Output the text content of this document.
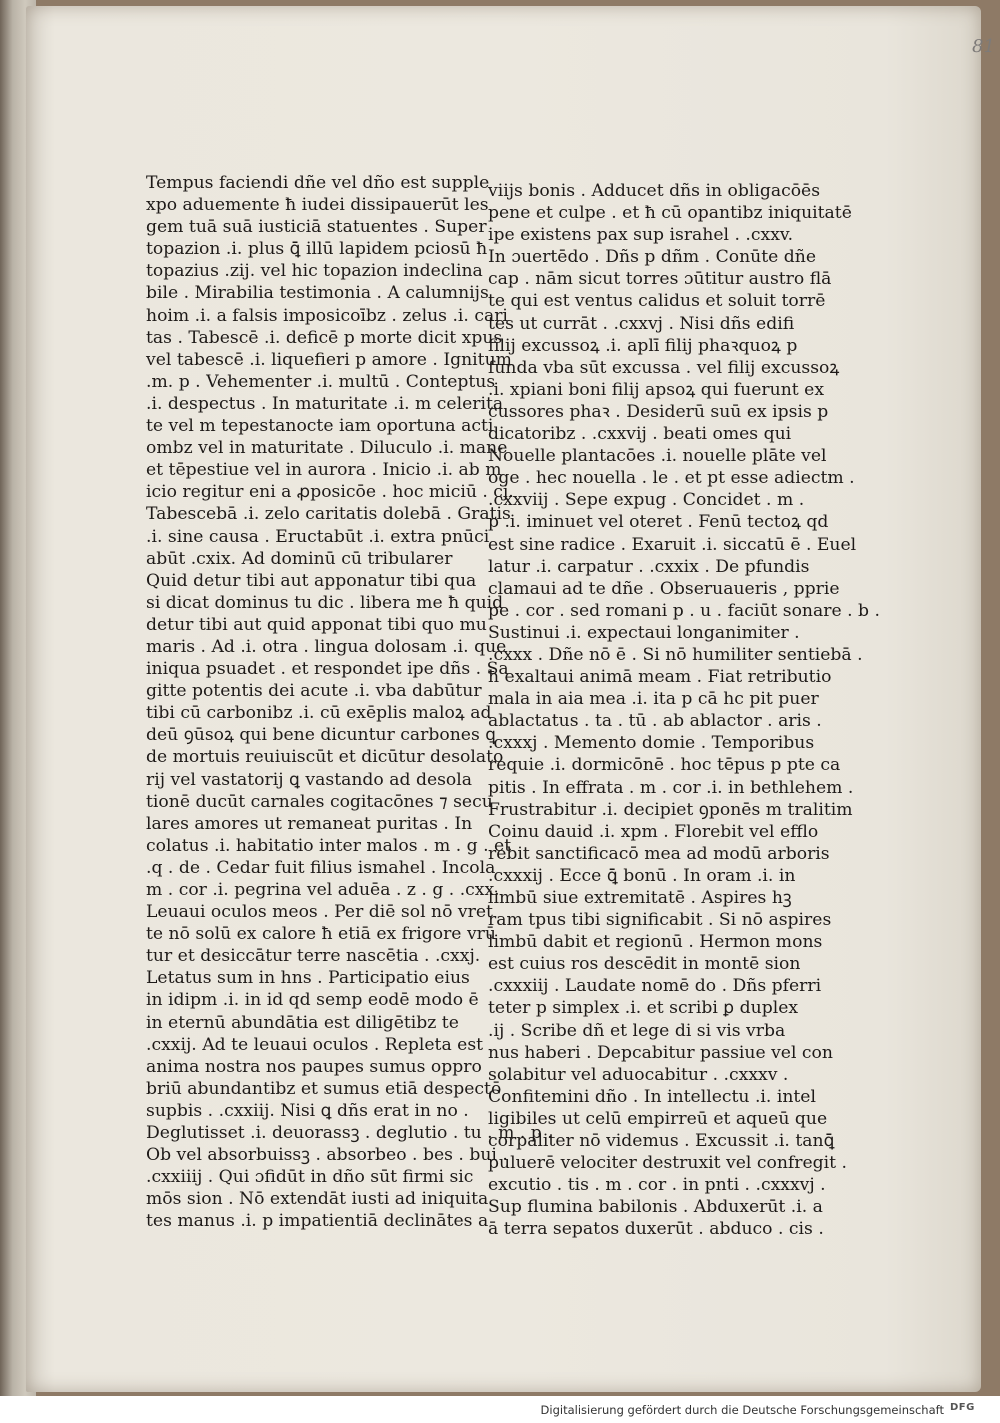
81
Tempus faciendi dñe vel dño est supple
xpo aduemente ħ iudei dissipauerūt les
gem tuā suā iusticiā statuentes . Super
topazion .i. plus ꝗ̄ illū lapidem pciosū ħ
topazius .zij. vel hic topazion indeclina
bile . Mirabilia testimonia . A calumnijs
hoim .i. a falsis imposicoībz . zelus .i. cari
tas . Tabescē .i. deficē p morte dicit xpus
vel tabescē .i. liquefieri p amore . Ignitum
.m. p . Vehementer .i. multū . Conteptus
.i. despectus . In maturitate .i. m celerita
te vel m tepestanocte iam oportuna acti
ombz vel in maturitate . Diluculo .i. mane
et tēpestiue vel in aurora . Inicio .i. ab m
icio regitur eni a ꝓposicōe . hoc miciū . cj.
Tabescebā .i. zelo caritatis dolebā . Gratis
.i. sine causa . Eructabūt .i. extra pnūci
abūt .cxix. Ad dominū cū tribularer
Quid detur tibi aut apponatur tibi qua
si dicat dominus tu dic . libera me ħ quid
detur tibi aut quid apponat tibi quo mu
maris . Ad .i. otra . lingua dolosam .i. que
iniqua psuadet . et respondet ipe dñs . Sa
gitte potentis dei acute .i. vba dabūtur
tibi cū carbonibz .i. cū exēplis maloꝝ ad
deū ꝯūsoꝝ qui bene dicuntur carbones ꝗ
de mortuis reuiuiscūt et dicūtur desolato
rij vel vastatorij ꝗ vastando ad desola
tionē ducūt carnales cogitacōnes ⁊ secu
lares amores ut remaneat puritas . In
colatus .i. habitatio inter malos . m . g . et
.q . de . Cedar fuit filius ismahel . Incola
m . cor .i. pegrina vel aduēa . z . g . .cxx.
Leuaui oculos meos . Per diē sol nō vret
te nō solū ex calore ħ etiā ex frigore vrū
tur et desiccātur terre nascētia . .cxxj.
Letatus sum in hns . Participatio eius
in idipm .i. in id qd semp eodē modo ē
in eternū abundātia est diligētibz te
.cxxij. Ad te leuaui oculos . Repleta est
anima nostra nos paupes sumus oppro
briū abundantibz et sumus etiā despectō
supbis . .cxxiij. Nisi ꝗ dñs erat in no .
Deglutisset .i. deuorassꝫ . deglutio . tu . m . p .
Ob vel absorbuissꝫ . absorbeo . bes . bui .
.cxxiiij . Qui ɔfidūt in dño sūt firmi sic
mōs sion . Nō extendāt iusti ad iniquita
tes manus .i. p impatientiā declinātes a
viijs bonis . Adducet dñs in obligacōēs
pene et culpe . et ħ cū opantibz iniquitatē
ipe existens pax sup israhel . .cxxv.
In ɔuertēdo . Dñs p dñm . Conūte dñe
cap . nām sicut torres ɔūtitur austro flā
te qui est ventus calidus et soluit torrē
tes ut currāt . .cxxvj . Nisi dñs edifi
filij excussoꝝ .i. aplī filij phaꝛquoꝝ p
funda vba sūt excussa . vel filij excussoꝝ
.i. xpiani boni filij apsoꝝ qui fuerunt ex
cussores phaꝛ . Desiderū suū ex ipsis p
dicatoribz . .cxxvij . beati omes qui
Nouelle plantacōes .i. nouelle plāte vel
oge . hec nouella . le . et pt esse adiectm .
.cxxviij . Sepe expug . Concidet . m .
p .i. iminuet vel oteret . Fenū tectoꝝ qd
est sine radice . Exaruit .i. siccatū ē . Euel
latur .i. carpatur . .cxxix . De pfundis
clamaui ad te dñe . Obseruaueris , pprie
pe . cor . sed romani p . u . faciūt sonare . b .
Sustinui .i. expectaui longanimiter .
.cxxx . Dñe nō ē . Si nō humiliter sentiebā .
ħ exaltaui animā meam . Fiat retributio
mala in aia mea .i. ita p cā hc pit puer
ablactatus . ta . tū . ab ablactor . aris .
.cxxxj . Memento domie . Temporibus
requie .i. dormicōnē . hoc tēpus p pte ca
pitis . In effrata . m . cor .i. in bethlehem .
Frustrabitur .i. decipiet ꝯponēs m tralitim
Coinu dauid .i. xpm . Florebit vel efflo
rebit sanctificacō mea ad modū arboris
.cxxxij . Ecce ꝗ̄ bonū . In oram .i. in
limbū siue extremitatē . Aspires hꝫ
ram tpus tibi significabit . Si nō aspires
limbū dabit et regionū . Hermon mons
est cuius ros descēdit in montē sion
.cxxxiij . Laudate nomē do . Dñs pferri
teter p simplex .i. et scribi ꝑ duplex
.ij . Scribe dñ et lege di si vis vrba
nus haberi . Depcabitur passiue vel con
solabitur vel aduocabitur . .cxxxv .
Confitemini dño . In intellectu .i. intel
ligibiles ut celū empirreū et aqueū que
corpaliter nō videmus . Excussit .i. tanꝗ̄
puluerē velociter destruxit vel confregit .
excutio . tis . m . cor . in pnti . .cxxxvj .
Sup flumina babilonis . Abduxerūt .i. a
ā terra sepatos duxerūt . abduco . cis .
Digitalisierung gefördert durch die Deutsche Forschungsgemeinschaft DFG
